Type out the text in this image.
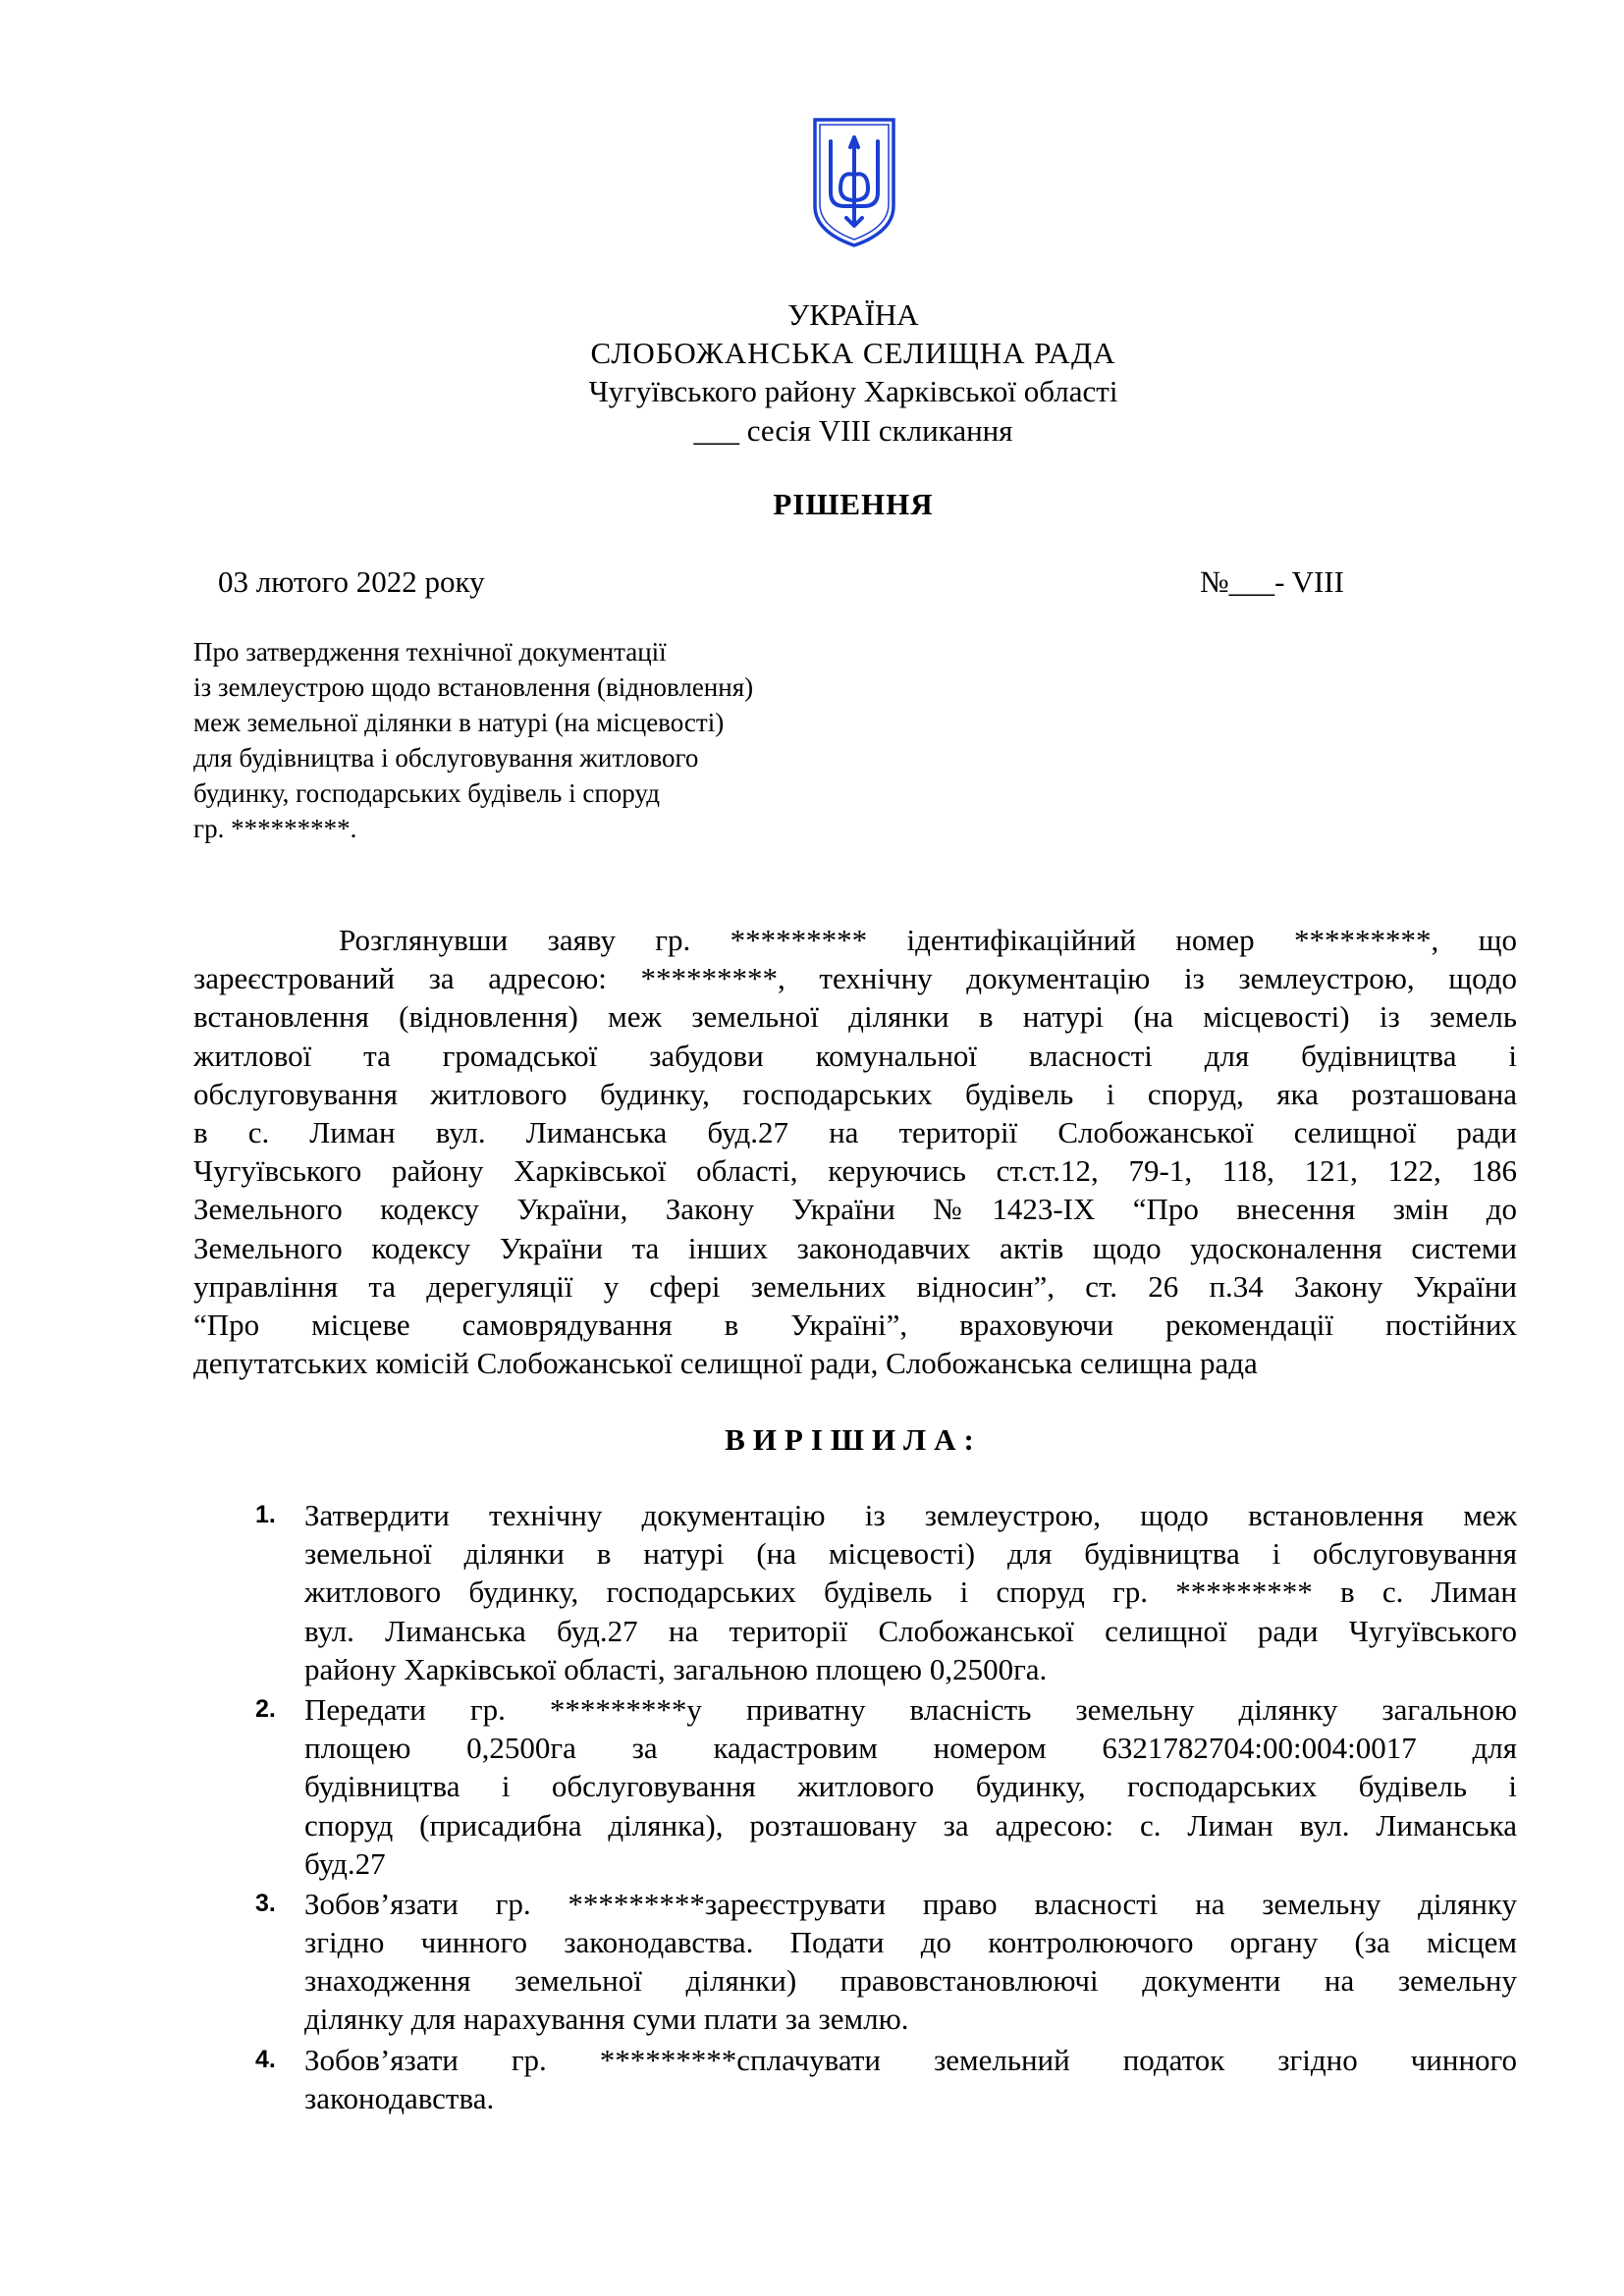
УКРАЇНА
СЛОБОЖАНСЬКА СЕЛИЩНА РАДА
Чугуївського району Харківської області
___ сесія VIII скликання
РІШЕННЯ
03 лютого 2022 року	№___- VIII
Про затвердження технічної документації
із землеустрою щодо встановлення (відновлення)
меж земельної ділянки в натурі (на місцевості)
для будівництва і обслуговування житлового
будинку, господарських будівель і споруд
гр. *********.
Розглянувши заяву гр. ********* ідентифікаційний номер *********, що
зареєстрований за адресою: *********, технічну документацію із землеустрою, щодо
встановлення (відновлення) меж земельної ділянки в натурі (на місцевості) із земель
житлової та громадської забудови комунальної власності для будівництва і
обслуговування житлового будинку, господарських будівель і споруд, яка розташована
в с. Лиман вул. Лиманська буд.27 на території Слобожанської селищної ради
Чугуївського району Харківської області, керуючись ст.ст.12, 79-1, 118, 121, 122, 186
Земельного кодексу України, Закону України №1423-ІХ “Про внесення змін до
Земельного кодексу України та інших законодавчих актів щодо удосконалення системи
управління та дерегуляції у сфері земельних відносин”, ст. 26 п.34 Закону України
“Про місцеве самоврядування в Україні”, враховуючи рекомендації постійних
депутатських комісій Слобожанської селищної ради, Слобожанська селищна рада
ВИРІШИЛА:
1. Затвердити технічну документацію із землеустрою, щодо встановлення меж
земельної ділянки в натурі (на місцевості) для будівництва і обслуговування
житлового будинку, господарських будівель і споруд гр. ********* в с. Лиман
вул. Лиманська буд.27 на території Слобожанської селищної ради Чугуївського
району Харківської області, загальною площею 0,2500га.
2. Передати гр. *********у приватну власність земельну ділянку загальною
площею 0,2500га за кадастровим номером 6321782704:00:004:0017 для
будівництва і обслуговування житлового будинку, господарських будівель і
споруд (присадибна ділянка), розташовану за адресою: с. Лиман вул. Лиманська
буд.27
3. Зобов’язати гр. *********зареєструвати право власності на земельну ділянку
згідно чинного законодавства. Подати до контролюючого органу (за місцем
знаходження земельної ділянки) правовстановлюючі документи на земельну
ділянку для нарахування суми плати за землю.
4. Зобов’язати гр. *********сплачувати земельний податок згідно чинного
законодавства.
